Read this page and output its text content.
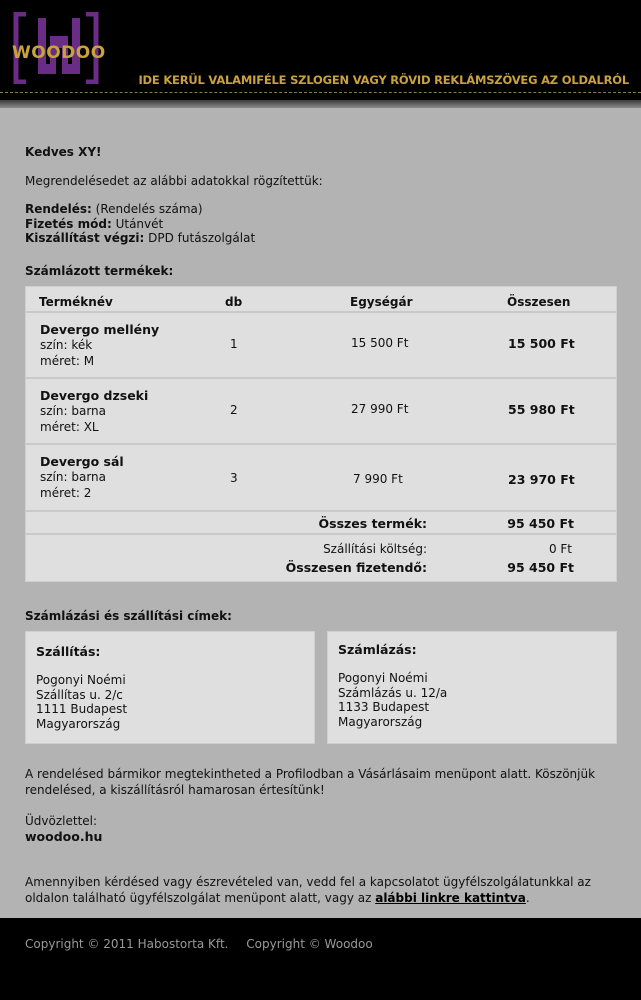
WOODOO
IDE KERÜL VALAMIFÉLE SZLOGEN VAGY RÖVID REKLÁMSZÖVEG AZ OLDALRÓL
Kedves XY!
Megrendelésedet az alábbi adatokkal rögzítettük:
Rendelés: (Rendelés száma)
Fizetés mód: Utánvét
Kiszállítást végzi: DPD futászolgálat
Számlázott termékek:
Terméknév	db	Egységár	Összesen
Devergo mellény
szín: kék
méret: M
1	15 500 Ft	15 500 Ft
Devergo dzseki
szín: barna
méret: XL
2	27 990 Ft	55 980 Ft
Devergo sál
szín: barna
méret: 2
3	7 990 Ft	23 970 Ft
Összes termék:	95 450 Ft
Szállítási költség:	0 Ft
Összesen fizetendő:	95 450 Ft
Számlázási és szállítási címek:
Szállítás:
Pogonyi Noémi
Szállítas u. 2/c
1111 Budapest
Magyarország
Számlázás:
Pogonyi Noémi
Számlázás u. 12/a
1133 Budapest
Magyarország
A rendelésed bármikor megtekintheted a Profilodban a Vásárlásaim menüpont alatt. Köszönjük rendelésed, a kiszállításról hamarosan értesítünk!
Üdvözlettel:
woodoo.hu
Amennyiben kérdésed vagy észrevételed van, vedd fel a kapcsolatot ügyfélszolgálatunkkal az oldalon található ügyfélszolgálat menüpont alatt, vagy az alábbi linkre kattintva.
Copyright © 2011 Habostorta Kft. Copyright © Woodoo
